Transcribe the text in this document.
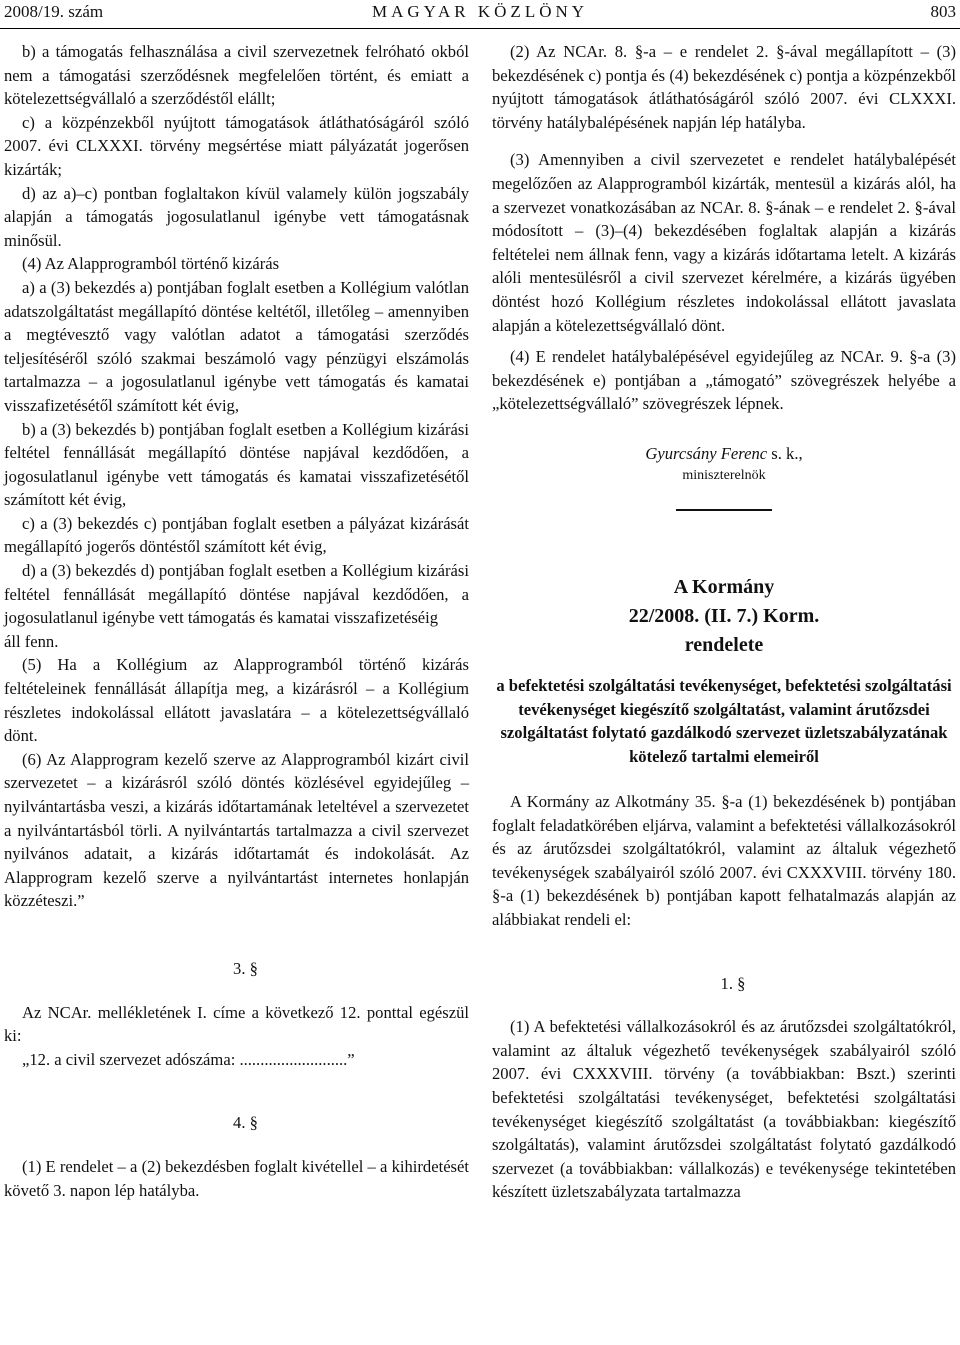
2008/19. szám	MAGYAR KÖZLÖNY	803

b) a támogatás felhasználása a civil szervezetnek felróható okból nem a támogatási szerződésnek megfelelően történt, és emiatt a kötelezettségvállaló a szerződéstől elállt;

c) a közpénzekből nyújtott támogatások átláthatóságáról szóló 2007. évi CLXXXI. törvény megsértése miatt pályázatát jogerősen kizárták;

d) az a)–c) pontban foglaltakon kívül valamely külön jogszabály alapján a támogatás jogosulatlanul igénybe vett támogatásnak minősül.

(4) Az Alapprogramból történő kizárás

a) a (3) bekezdés a) pontjában foglalt esetben a Kollégium valótlan adatszolgáltatást megállapító döntése keltétől, illetőleg – amennyiben a megtévesztő vagy valótlan adatot a támogatási szerződés teljesítéséről szóló szakmai beszámoló vagy pénzügyi elszámolás tartalmazza – a jogosulatlanul igénybe vett támogatás és kamatai visszafizetésétől számított két évig,

b) a (3) bekezdés b) pontjában foglalt esetben a Kollégium kizárási feltétel fennállását megállapító döntése napjával kezdődően, a jogosulatlanul igénybe vett támogatás és kamatai visszafizetésétől számított két évig,

c) a (3) bekezdés c) pontjában foglalt esetben a pályázat kizárását megállapító jogerős döntéstől számított két évig,

d) a (3) bekezdés d) pontjában foglalt esetben a Kollégium kizárási feltétel fennállását megállapító döntése napjával kezdődően, a jogosulatlanul igénybe vett támogatás és kamatai visszafizetéséig

áll fenn.

(5) Ha a Kollégium az Alapprogramból történő kizárás feltételeinek fennállását állapítja meg, a kizárásról – a Kollégium részletes indokolással ellátott javaslatára – a kötelezettségvállaló dönt.

(6) Az Alapprogram kezelő szerve az Alapprogramból kizárt civil szervezetet – a kizárásról szóló döntés közlésével egyidejűleg – nyilvántartásba veszi, a kizárás időtartamának leteltével a szervezetet a nyilvántartásból törli. A nyilvántartás tartalmazza a civil szervezet nyilvános adatait, a kizárás időtartamát és indokolását. Az Alapprogram kezelő szerve a nyilvántartást internetes honlapján közzéteszi.”

3. §

Az NCAr. mellékletének I. címe a következő 12. ponttal egészül ki:

„12. a civil szervezet adószáma: ..........................”

4. §

(1) E rendelet – a (2) bekezdésben foglalt kivétellel – a kihirdetését követő 3. napon lép hatályba.

(2) Az NCAr. 8. §-a – e rendelet 2. §-ával megállapított – (3) bekezdésének c) pontja és (4) bekezdésének c) pontja a közpénzekből nyújtott támogatások átláthatóságáról szóló 2007. évi CLXXXI. törvény hatálybalépésének napján lép hatályba.

(3) Amennyiben a civil szervezetet e rendelet hatálybalépését megelőzően az Alapprogramból kizárták, mentesül a kizárás alól, ha a szervezet vonatkozásában az NCAr. 8. §-ának – e rendelet 2. §-ával módosított – (3)–(4) bekezdésében foglaltak alapján a kizárás feltételei nem állnak fenn, vagy a kizárás időtartama letelt. A kizárás alóli mentesülésről a civil szervezet kérelmére, a kizárás ügyében döntést hozó Kollégium részletes indokolással ellátott javaslata alapján a kötelezettségvállaló dönt.

(4) E rendelet hatálybalépésével egyidejűleg az NCAr. 9. §-a (3) bekezdésének e) pontjában a „támogató” szövegrészek helyébe a „kötelezettségvállaló” szövegrészek lépnek.

Gyurcsány Ferenc s. k.,
miniszterelnök
A Kormány
22/2008. (II. 7.) Korm.
rendelete
a befektetési szolgáltatási tevékenységet, befektetési szolgáltatási tevékenységet kiegészítő szolgáltatást, valamint árutőzsdei szolgáltatást folytató gazdálkodó szervezet üzletszabályzatának kötelező tartalmi elemeiről

A Kormány az Alkotmány 35. §-a (1) bekezdésének b) pontjában foglalt feladatkörében eljárva, valamint a befektetési vállalkozásokról és az árutőzsdei szolgáltatókról, valamint az általuk végezhető tevékenységek szabályairól szóló 2007. évi CXXXVIII. törvény 180. §-a (1) bekezdésének b) pontjában kapott felhatalmazás alapján az alábbiakat rendeli el:

1. §

(1) A befektetési vállalkozásokról és az árutőzsdei szolgáltatókról, valamint az általuk végezhető tevékenységek szabályairól szóló 2007. évi CXXXVIII. törvény (a továbbiakban: Bszt.) szerinti befektetési szolgáltatási tevékenységet, befektetési szolgáltatási tevékenységet kiegészítő szolgáltatást (a továbbiakban: kiegészítő szolgáltatás), valamint árutőzsdei szolgáltatást folytató gazdálkodó szervezet (a továbbiakban: vállalkozás) e tevékenysége tekintetében készített üzletszabályzata tartalmazza
